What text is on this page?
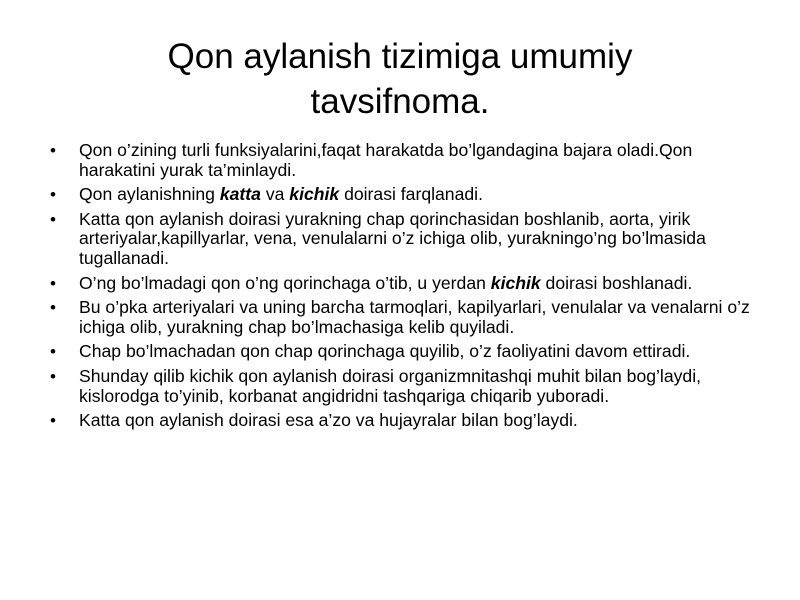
Qon aylanish tizimiga umumiy tavsifnoma.
•	Qon o’zining turli funksiyalarini,faqat harakatda bo’lgandagina bajara oladi.Qon harakatini yurak ta’minlaydi.
•	Qon aylanishning katta va kichik doirasi farqlanadi.
•	Katta qon aylanish doirasi yurakning chap qorinchasidan boshlanib, aorta, yirik arteriyalar,kapillyarlar, vena, venulalarni o’z ichiga olib, yurakningo’ng bo’lmasida tugallanadi.
•	O’ng bo’lmadagi qon o’ng qorinchaga o’tib, u yerdan kichik doirasi boshlanadi.
•	Bu o’pka arteriyalari va uning barcha tarmoqlari, kapilyarlari, venulalar va venalarni o’z ichiga olib, yurakning chap bo’lmachasiga kelib quyiladi.
•	Chap bo’lmachadan qon chap qorinchaga quyilib, o’z faoliyatini davom ettiradi.
•	Shunday qilib kichik qon aylanish doirasi organizmnitashqi muhit bilan bog’laydi, kislorodga to’yinib, korbanat angidridni tashqariga chiqarib yuboradi.
•	Katta qon aylanish doirasi esa a’zo va hujayralar bilan bog’laydi.
